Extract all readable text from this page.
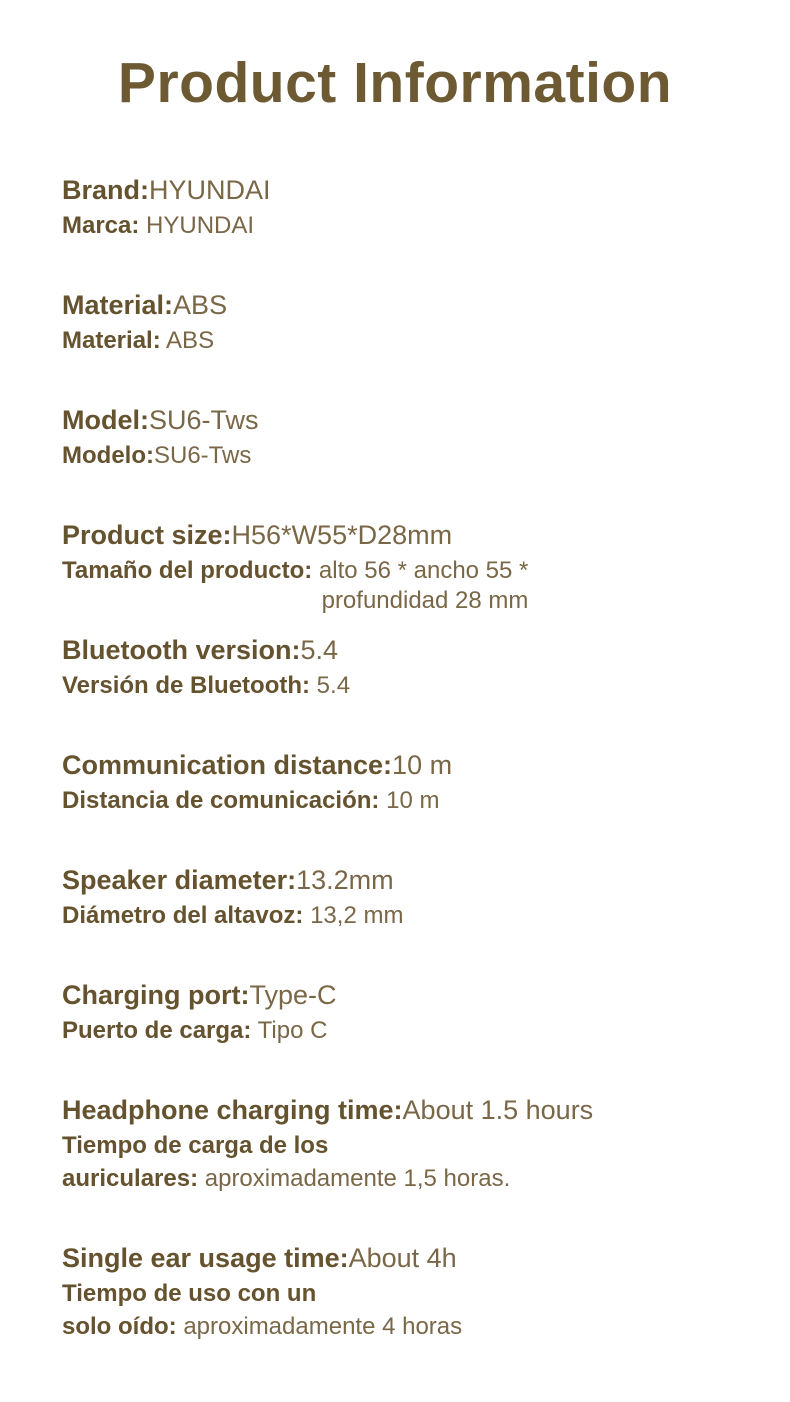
Product Information
Brand:HYUNDAI
Marca: HYUNDAI
Material:ABS
Material: ABS
Model:SU6-Tws
Modelo:SU6-Tws
Product size:H56*W55*D28mm
Tamaño del producto: alto 56 * ancho 55 *
profundidad 28 mm
Bluetooth version:5.4
Versión de Bluetooth: 5.4
Communication distance:10 m
Distancia de comunicación: 10 m
Speaker diameter:13.2mm
Diámetro del altavoz: 13,2 mm
Charging port:Type-C
Puerto de carga: Tipo C
Headphone charging time:About 1.5 hours
Tiempo de carga de los
auriculares: aproximadamente 1,5 horas.
Single ear usage time:About 4h
Tiempo de uso con un
solo oído: aproximadamente 4 horas
